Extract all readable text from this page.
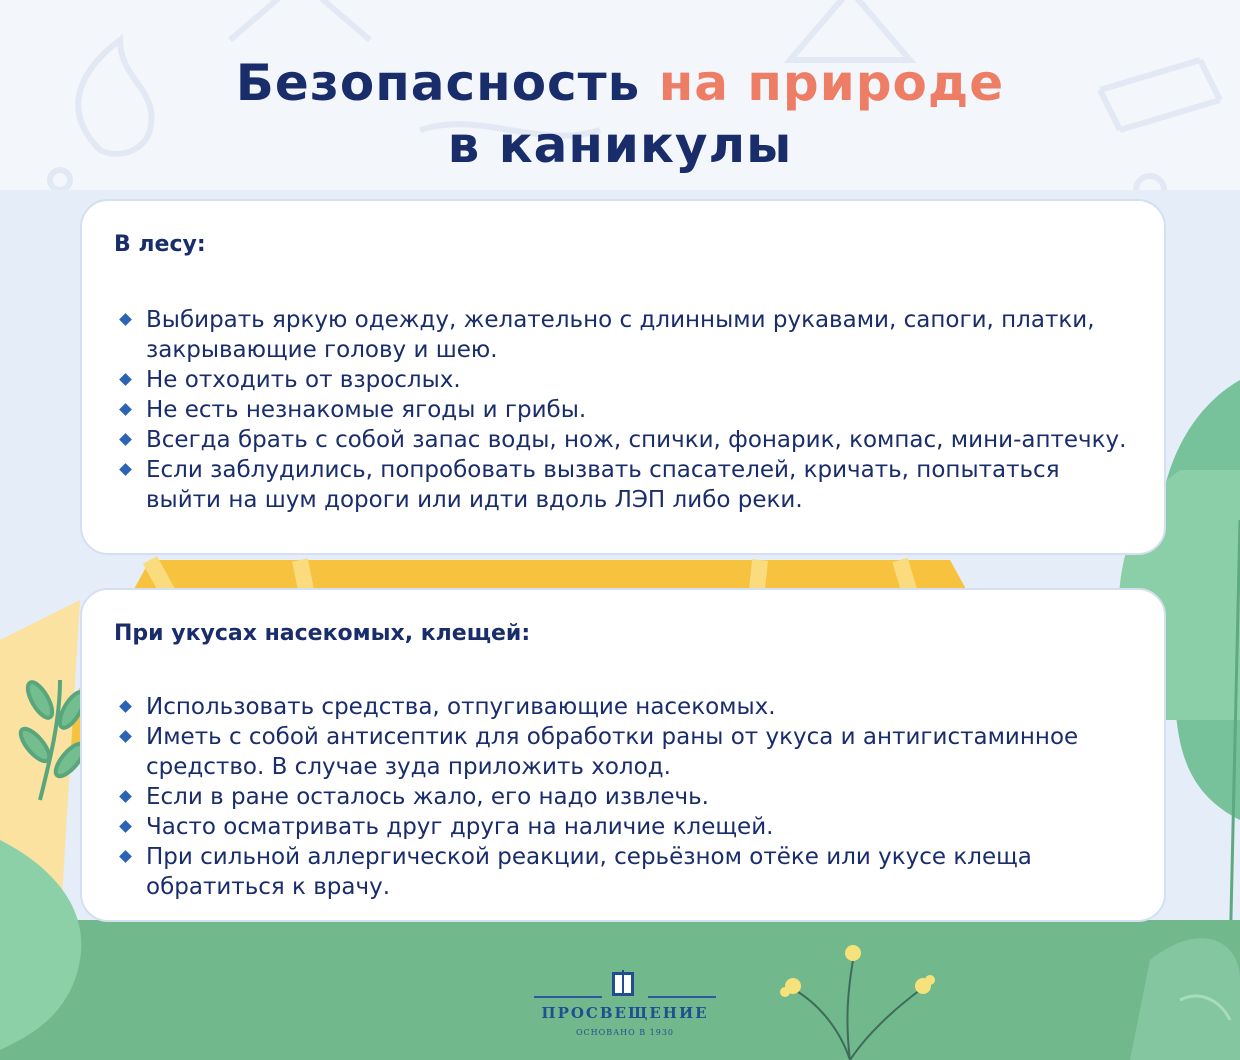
Безопасность на природе
в каникулы

В лесу:

Выбирать яркую одежду, желательно с длинными рукавами, сапоги, платки, закрывающие голову и шею.
Не отходить от взрослых.
Не есть незнакомые ягоды и грибы.
Всегда брать с собой запас воды, нож, спички, фонарик, компас, мини-аптечку.
Если заблудились, попробовать вызвать спасателей, кричать, попытаться выйти на шум дороги или идти вдоль ЛЭП либо реки.

При укусах насекомых, клещей:

Использовать средства, отпугивающие насекомых.
Иметь с собой антисептик для обработки раны от укуса и антигистаминное средство. В случае зуда приложить холод.
Если в ране осталось жало, его надо извлечь.
Часто осматривать друг друга на наличие клещей.
При сильной аллергической реакции, серьёзном отёке или укусе клеща обратиться к врачу.
ПРОСВЕЩЕНИЕ
ОСНОВАНО В 1930
